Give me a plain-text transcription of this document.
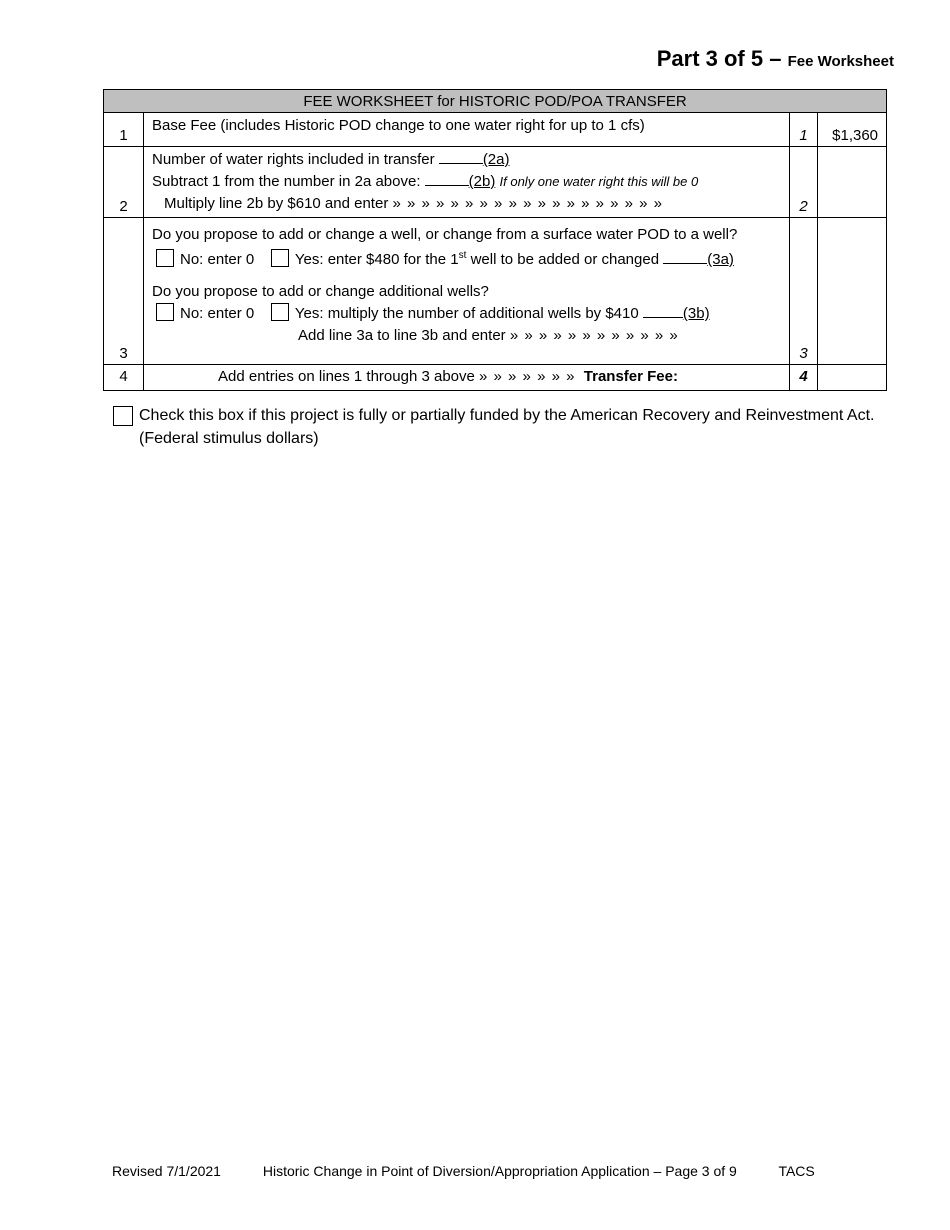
Part 3 of 5 – Fee Worksheet
FEE WORKSHEET for HISTORIC POD/POA TRANSFER			
1	Base Fee (includes Historic POD change to one water right for up to 1 cfs)	1	$1,360
2	Number of water rights included in transfer (2a)
Subtract 1 from the number in 2a above: (2b) If only one water right this will be 0
Multiply line 2b by $610 and enter » » » » » » » » » » » » » » » » » » »	2	
3	Do you propose to add or change a well, or change from a surface water POD to a well?
No: enter 0 Yes: enter $480 for the 1st well to be added or changed (3a)
Do you propose to add or change additional wells?
No: enter 0 Yes: multiply the number of additional wells by $410 (3b)
Add line 3a to line 3b and enter » » » » » » » » » » » »	3	
4	Add entries on lines 1 through 3 above » » » » » » » Transfer Fee:	4	
Check this box if this project is fully or partially funded by the American Recovery and Reinvestment Act. (Federal stimulus dollars)
Revised 7/1/2021	Historic Change in Point of Diversion/Appropriation Application – Page 3 of 9	TACS
